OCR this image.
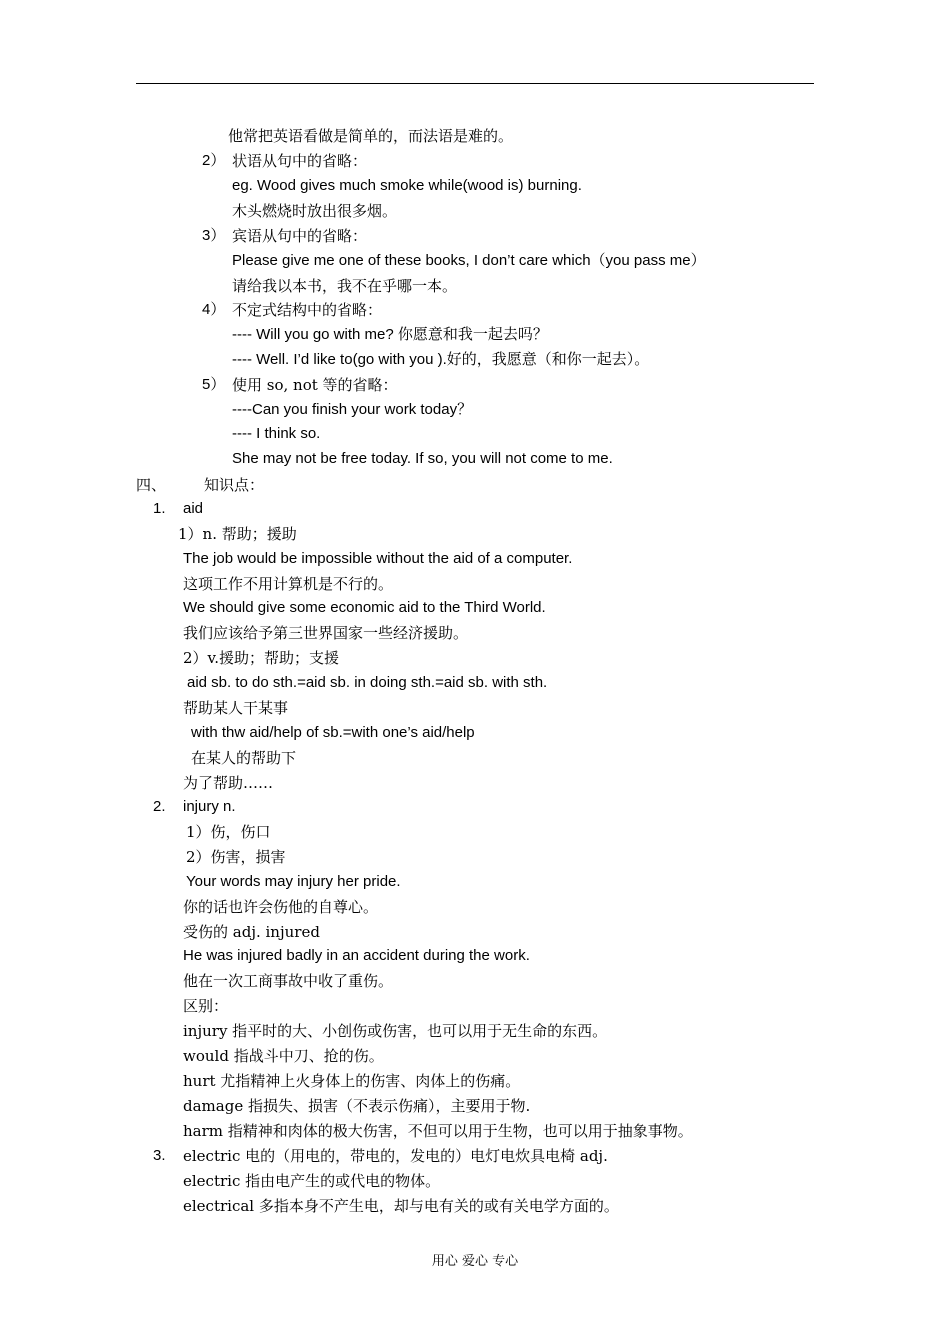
他常把英语看做是简单的，而法语是难的。
2） 状语从句中的省略：
eg. Wood gives much smoke while(wood is) burning.
木头燃烧时放出很多烟。
3） 宾语从句中的省略：
Please give me one of these books, I don’t care which（you pass me）
请给我以本书，我不在乎哪一本。
4） 不定式结构中的省略：
---- Will you go with me? 你愿意和我一起去吗？
---- Well. I’d like to(go with you ).好的，我愿意（和你一起去）。
5） 使用 so, not 等的省略：
----Can you finish your work today？
---- I think so.
She may not be free today. If so, you will not come to me.
四、	知识点：
1. aid
1）n. 帮助；援助
The job would be impossible without the aid of a computer.
这项工作不用计算机是不行的。
We should give some economic aid to the Third World.
我们应该给予第三世界国家一些经济援助。
2）v.援助；帮助；支援
aid sb. to do sth.=aid sb. in doing sth.=aid sb. with sth.
帮助某人干某事
with thw aid/help of sb.=with one’s aid/help
在某人的帮助下
为了帮助……
2. injury n.
1）伤，伤口
2）伤害，损害
Your words may injury her pride.
你的话也许会伤他的自尊心。
受伤的 adj. injured
He was injured badly in an accident during the work.
他在一次工商事故中收了重伤。
区别：
injury 指平时的大、小创伤或伤害，也可以用于无生命的东西。
would 指战斗中刀、抢的伤。
hurt 尤指精神上火身体上的伤害、肉体上的伤痛。
damage 指损失、损害（不表示伤痛），主要用于物.
harm 指精神和肉体的极大伤害，不但可以用于生物，也可以用于抽象事物。
3. electric 电的（用电的，带电的，发电的）电灯电炊具电椅 adj.
electric 指由电产生的或代电的物体。
electrical 多指本身不产生电，却与电有关的或有关电学方面的。
用心 爱心 专心
